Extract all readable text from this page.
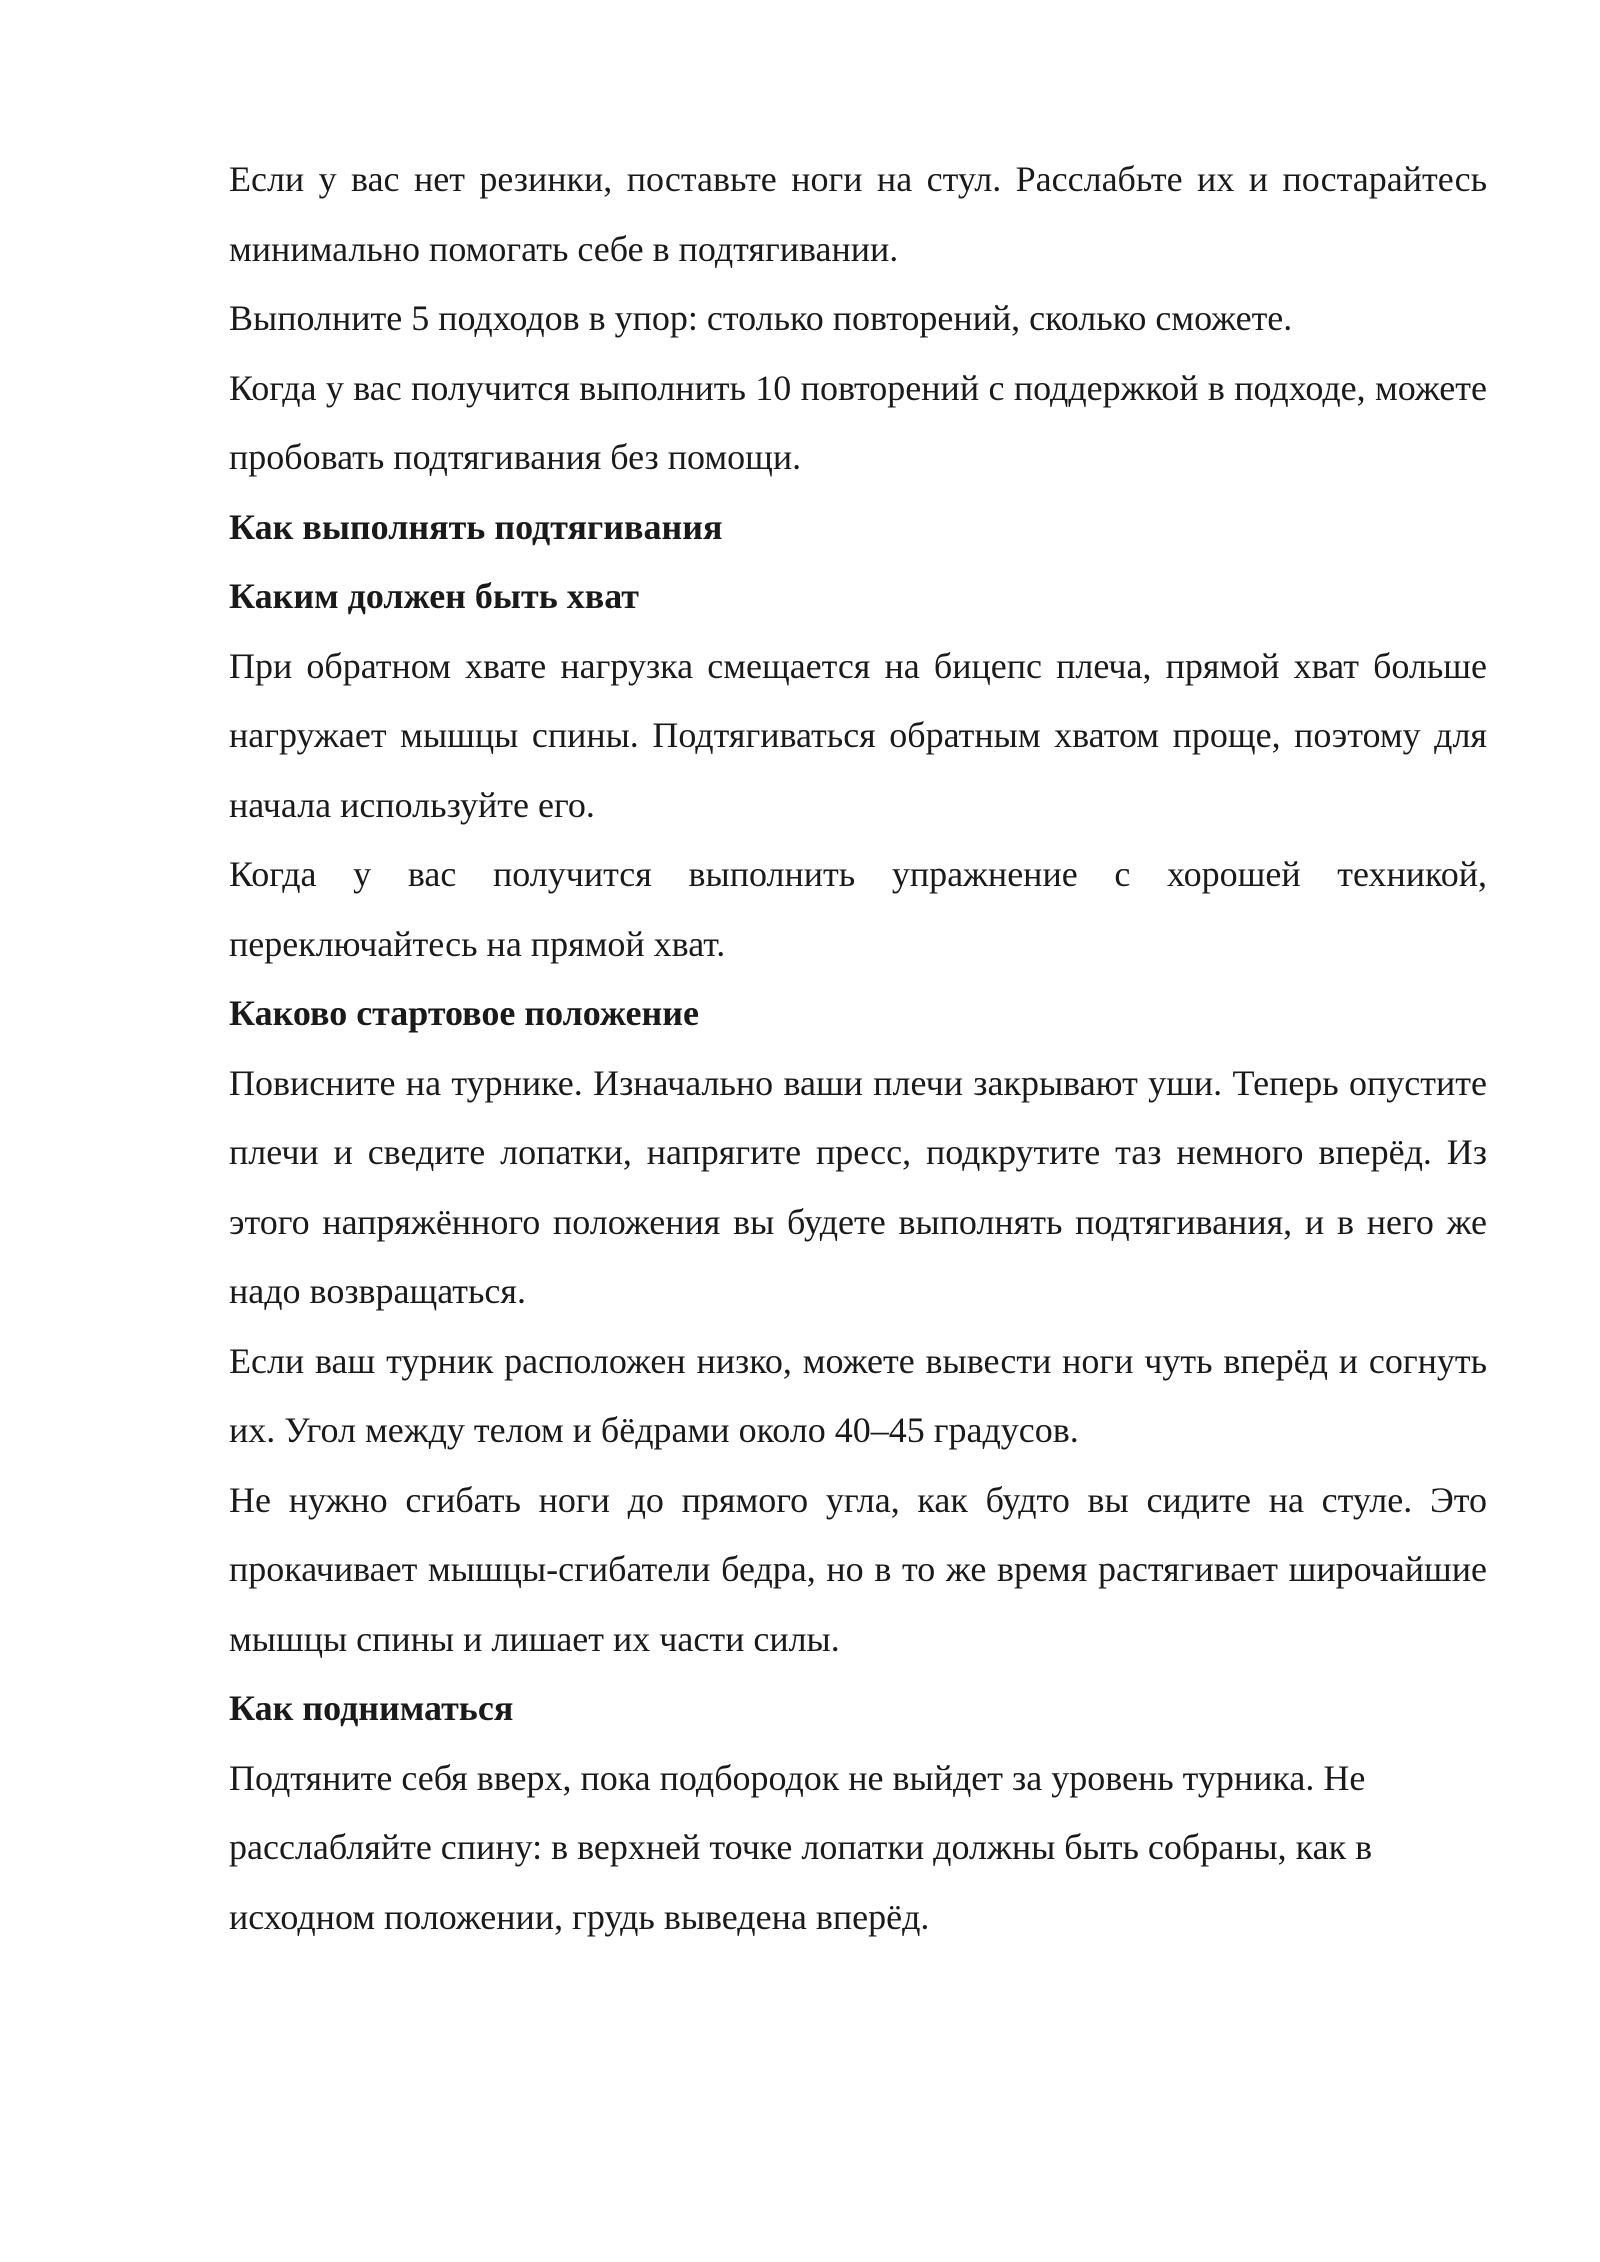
Если у вас нет резинки, поставьте ноги на стул. Расслабьте их и постарайтесь минимально помогать себе в подтягивании.

Выполните 5 подходов в упор: столько повторений, сколько сможете.

Когда у вас получится выполнить 10 повторений с поддержкой в подходе, можете пробовать подтягивания без помощи.

Как выполнять подтягивания
Каким должен быть хват

При обратном хвате нагрузка смещается на бицепс плеча, прямой хват больше нагружает мышцы спины. Подтягиваться обратным хватом проще, поэтому для начала используйте его.

Когда у вас получится выполнить упражнение с хорошей техникой, переключайтесь на прямой хват.

Каково стартовое положение

Повисните на турнике. Изначально ваши плечи закрывают уши. Теперь опустите плечи и сведите лопатки, напрягите пресс, подкрутите таз немного вперёд. Из этого напряжённого положения вы будете выполнять подтягивания, и в него же надо возвращаться.

Если ваш турник расположен низко, можете вывести ноги чуть вперёд и согнуть их. Угол между телом и бёдрами около 40–45 градусов.

Не нужно сгибать ноги до прямого угла, как будто вы сидите на стуле. Это прокачивает мышцы-сгибатели бедра, но в то же время растягивает широчайшие мышцы спины и лишает их части силы.

Как подниматься

Подтяните себя вверх, пока подбородок не выйдет за уровень турника. Не расслабляйте спину: в верхней точке лопатки должны быть собраны, как в исходном положении, грудь выведена вперёд.
